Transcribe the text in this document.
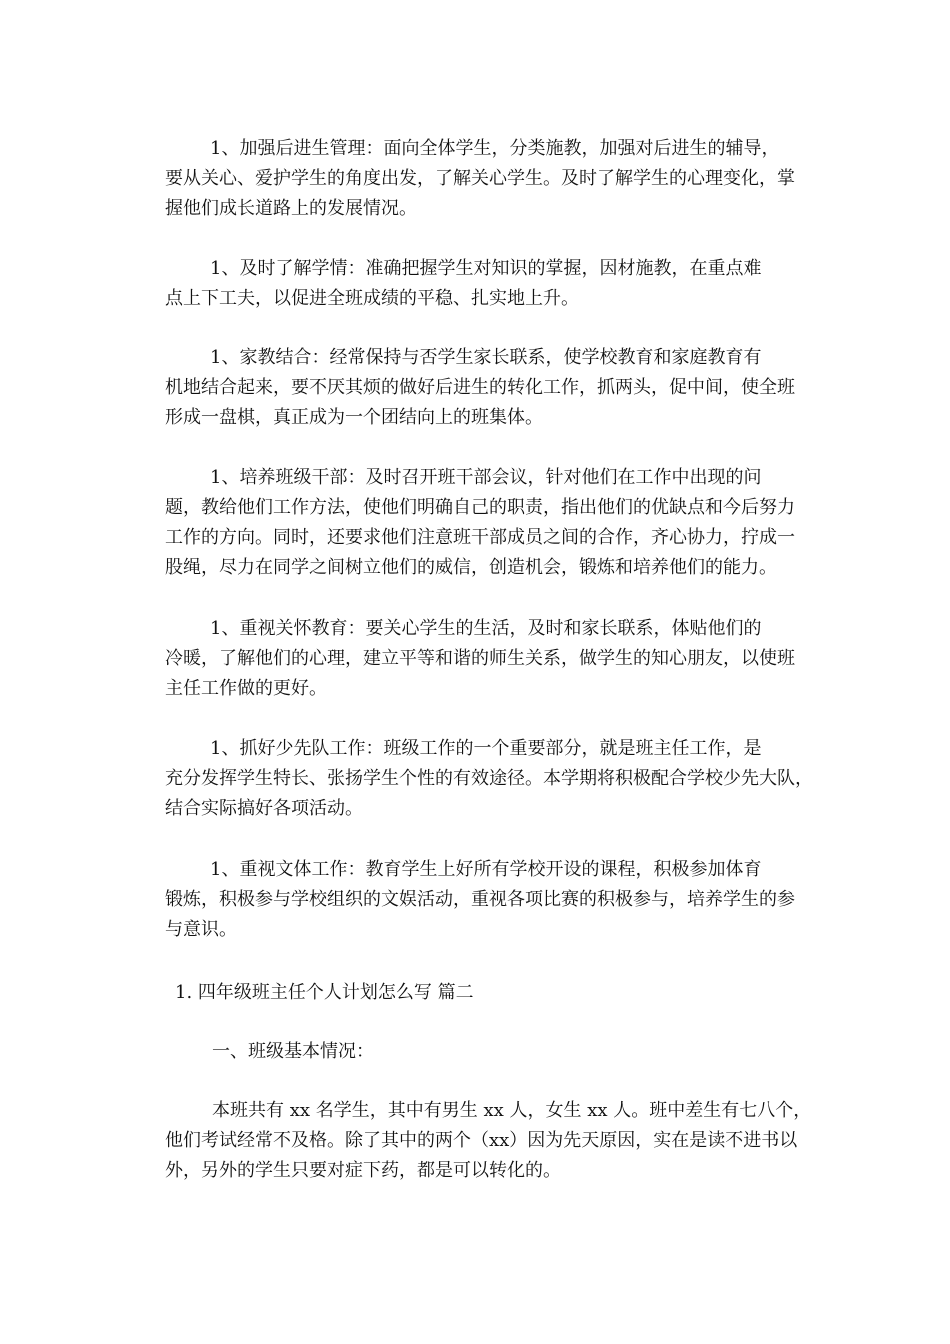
1、加强后进生管理：面向全体学生，分类施教，加强对后进生的辅导，
要从关心、爱护学生的角度出发，了解关心学生。及时了解学生的心理变化，掌
握他们成长道路上的发展情况。
1、及时了解学情：准确把握学生对知识的掌握，因材施教，在重点难
点上下工夫，以促进全班成绩的平稳、扎实地上升。
1、家教结合：经常保持与否学生家长联系，使学校教育和家庭教育有
机地结合起来，要不厌其烦的做好后进生的转化工作，抓两头，促中间，使全班
形成一盘棋，真正成为一个团结向上的班集体。
1、培养班级干部：及时召开班干部会议，针对他们在工作中出现的问
题，教给他们工作方法，使他们明确自己的职责，指出他们的优缺点和今后努力
工作的方向。同时，还要求他们注意班干部成员之间的合作，齐心协力，拧成一
股绳，尽力在同学之间树立他们的威信，创造机会，锻炼和培养他们的能力。
1、重视关怀教育：要关心学生的生活，及时和家长联系，体贴他们的
冷暖，了解他们的心理，建立平等和谐的师生关系，做学生的知心朋友，以使班
主任工作做的更好。
1、抓好少先队工作：班级工作的一个重要部分，就是班主任工作，是
充分发挥学生特长、张扬学生个性的有效途径。本学期将积极配合学校少先大队，
结合实际搞好各项活动。
1、重视文体工作：教育学生上好所有学校开设的课程，积极参加体育
锻炼，积极参与学校组织的文娱活动，重视各项比赛的积极参与，培养学生的参
与意识。
1. 四年级班主任个人计划怎么写 篇二
一、班级基本情况：
本班共有 xx 名学生，其中有男生 xx 人，女生 xx 人。班中差生有七八个，
他们考试经常不及格。除了其中的两个（xx）因为先天原因，实在是读不进书以
外，另外的学生只要对症下药，都是可以转化的。
